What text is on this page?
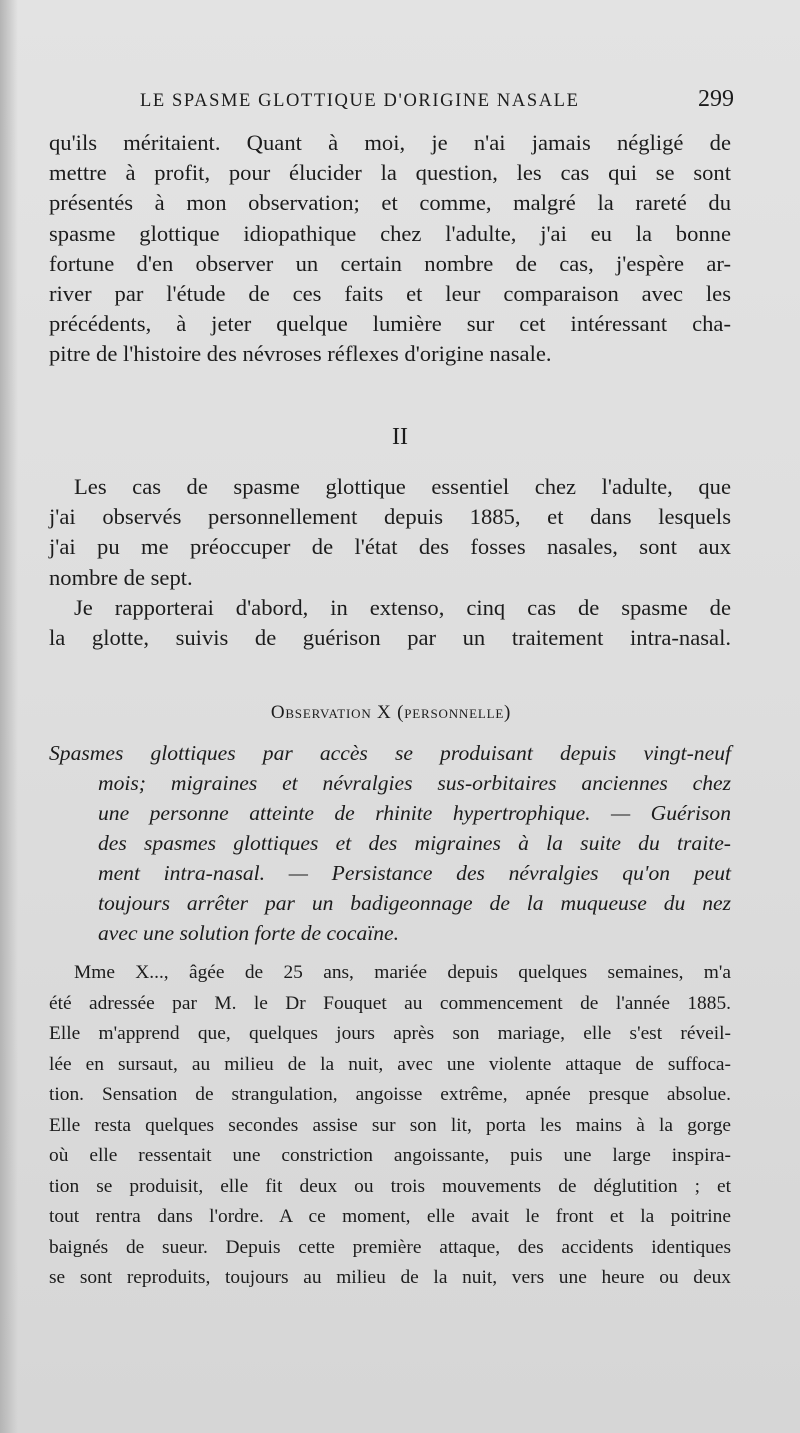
LE SPASME GLOTTIQUE D'ORIGINE NASALE	299
qu'ils méritaient. Quant à moi, je n'ai jamais négligé de
mettre à profit, pour élucider la question, les cas qui se sont
présentés à mon observation; et comme, malgré la rareté du
spasme glottique idiopathique chez l'adulte, j'ai eu la bonne
fortune d'en observer un certain nombre de cas, j'espère ar-
river par l'étude de ces faits et leur comparaison avec les
précédents, à jeter quelque lumière sur cet intéressant cha-
pitre de l'histoire des névroses réflexes d'origine nasale.
II
Les cas de spasme glottique essentiel chez l'adulte, que
j'ai observés personnellement depuis 1885, et dans lesquels
j'ai pu me préoccuper de l'état des fosses nasales, sont aux
nombre de sept.
Je rapporterai d'abord, in extenso, cinq cas de spasme de
la glotte, suivis de guérison par un traitement intra-nasal.
Observation X (personnelle)
Spasmes glottiques par accès se produisant depuis vingt-neuf
mois; migraines et névralgies sus-orbitaires anciennes chez
une personne atteinte de rhinite hypertrophique. — Guérison
des spasmes glottiques et des migraines à la suite du traite-
ment intra-nasal. — Persistance des névralgies qu'on peut
toujours arrêter par un badigeonnage de la muqueuse du nez
avec une solution forte de cocaïne.
Mme X..., âgée de 25 ans, mariée depuis quelques semaines, m'a
été adressée par M. le Dr Fouquet au commencement de l'année 1885.
Elle m'apprend que, quelques jours après son mariage, elle s'est réveil-
lée en sursaut, au milieu de la nuit, avec une violente attaque de suffoca-
tion. Sensation de strangulation, angoisse extrême, apnée presque absolue.
Elle resta quelques secondes assise sur son lit, porta les mains à la gorge
où elle ressentait une constriction angoissante, puis une large inspira-
tion se produisit, elle fit deux ou trois mouvements de déglutition ; et
tout rentra dans l'ordre. A ce moment, elle avait le front et la poitrine
baignés de sueur. Depuis cette première attaque, des accidents identiques
se sont reproduits, toujours au milieu de la nuit, vers une heure ou deux
